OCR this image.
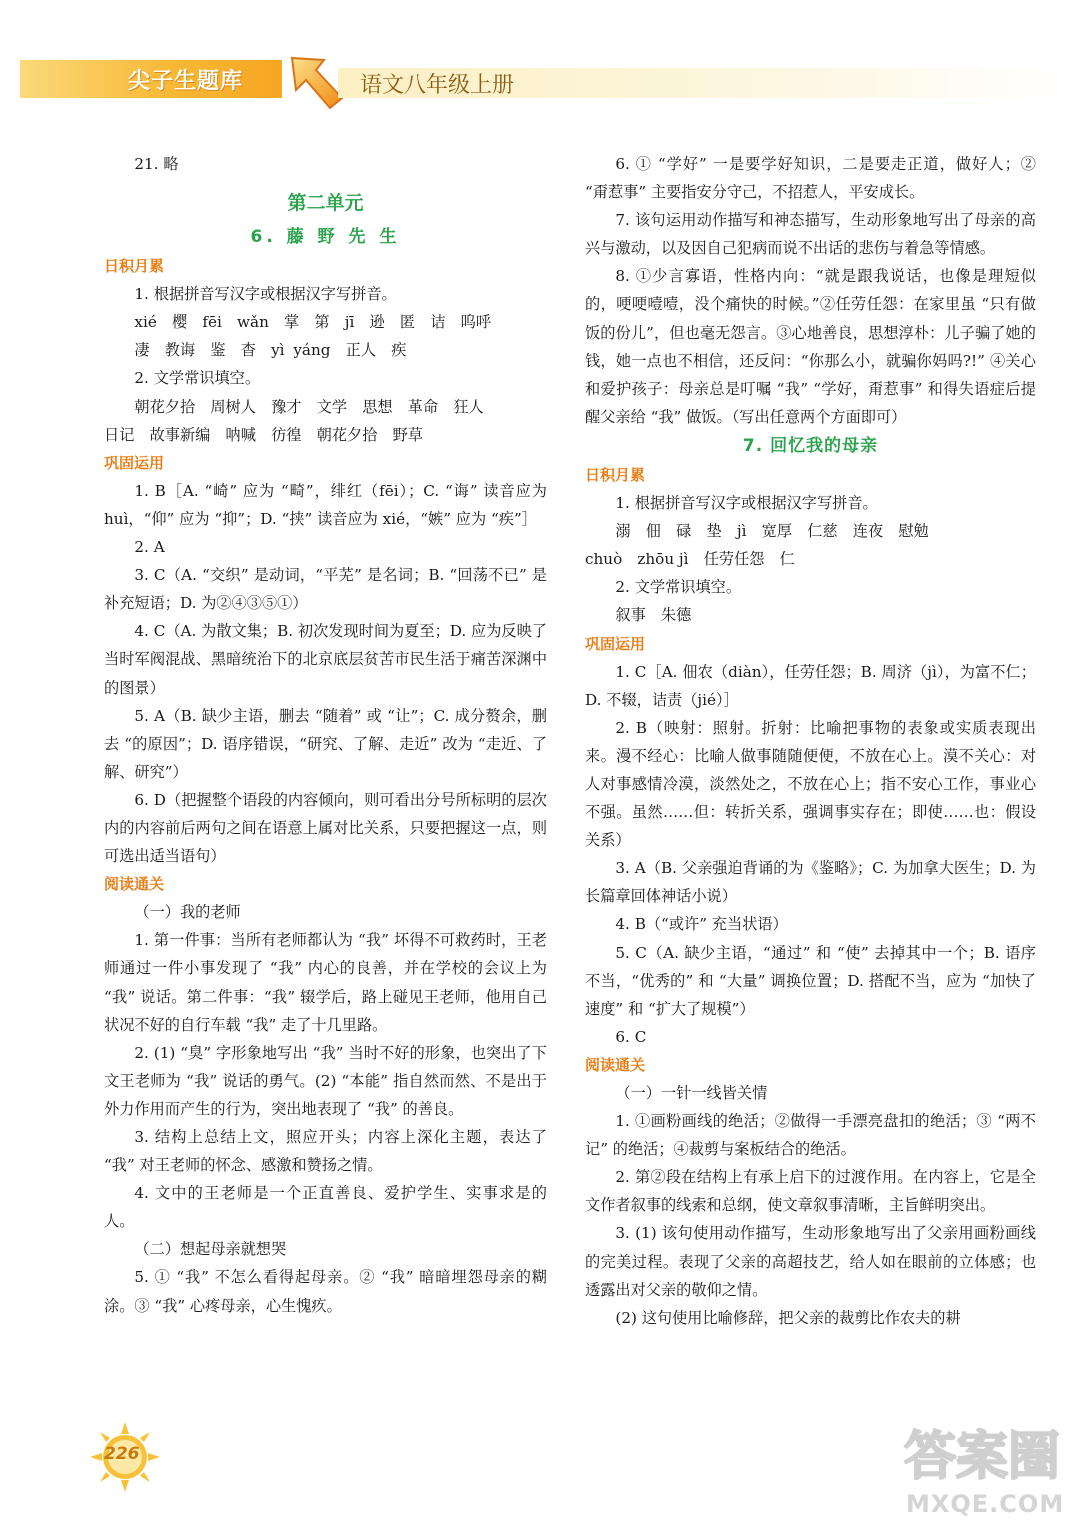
尖子生题库	语文八年级上册

21. 略

第二单元
6. 藤 野 先 生
日积月累

1. 根据拼音写汉字或根据汉字写拼音。

xié　樱　fēi　wǎn　掌　第　jī　逊　匿　诘　呜呼

凄　教诲　鉴　杳　yì yáng　正人　疾

2. 文学常识填空。

朝花夕拾　周树人　豫才　文学　思想　革命　狂人

日记　故事新编　呐喊　彷徨　朝花夕拾　野草

巩固运用

1. B［A. “崎” 应为 “畸”，绯红（fēi）；C. “诲” 读音应为 huì，“仰” 应为 “抑”；D. “挟” 读音应为 xié，“嫉” 应为 “疾”］

2. A

3. C（A. “交织” 是动词，“平芜” 是名词；B. “回荡不已” 是补充短语；D. 为②④③⑤①）

4. C（A. 为散文集；B. 初次发现时间为夏至；D. 应为反映了当时军阀混战、黑暗统治下的北京底层贫苦市民生活于痛苦深渊中的图景）

5. A（B. 缺少主语，删去 “随着” 或 “让”；C. 成分赘余，删去 “的原因”；D. 语序错误，“研究、了解、走近” 改为 “走近、了解、研究”）

6. D（把握整个语段的内容倾向，则可看出分号所标明的层次内的内容前后两句之间在语意上属对比关系，只要把握这一点，则可选出适当语句）

阅读通关

（一）我的老师

1. 第一件事：当所有老师都认为 “我” 坏得不可救药时，王老师通过一件小事发现了 “我” 内心的良善，并在学校的会议上为 “我” 说话。第二件事：“我” 辍学后，路上碰见王老师，他用自己状况不好的自行车载 “我” 走了十几里路。

2. (1) “臭” 字形象地写出 “我” 当时不好的形象，也突出了下文王老师为 “我” 说话的勇气。(2) “本能” 指自然而然、不是出于外力作用而产生的行为，突出地表现了 “我” 的善良。

3. 结构上总结上文，照应开头；内容上深化主题，表达了 “我” 对王老师的怀念、感激和赞扬之情。

4. 文中的王老师是一个正直善良、爱护学生、实事求是的人。

（二）想起母亲就想哭

5. ① “我” 不怎么看得起母亲。② “我” 暗暗埋怨母亲的糊涂。③ “我” 心疼母亲，心生愧疚。

6. ① “学好” 一是要学好知识，二是要走正道，做好人；② “甭惹事” 主要指安分守己，不招惹人，平安成长。

7. 该句运用动作描写和神态描写，生动形象地写出了母亲的高兴与激动，以及因自己犯病而说不出话的悲伤与着急等情感。

8. ①少言寡语，性格内向：“就是跟我说话，也像是理短似的，哽哽噎噎，没个痛快的时候。”②任劳任怨：在家里虽 “只有做饭的份儿”，但也毫无怨言。③心地善良，思想淳朴：儿子骗了她的钱，她一点也不相信，还反问：“你那么小，就骗你妈吗?!” ④关心和爱护孩子：母亲总是叮嘱 “我” “学好，甭惹事” 和得失语症后提醒父亲给 “我” 做饭。（写出任意两个方面即可）

7. 回忆我的母亲
日积月累

1. 根据拼音写汉字或根据汉字写拼音。

溺　佃　碌　垫　jì　宽厚　仁慈　连夜　慰勉

chuò　zhōu jì　任劳任怨　仁

2. 文学常识填空。

叙事　朱德

巩固运用

1. C［A. 佃农（diàn），任劳任怨；B. 周济（jì），为富不仁；D. 不辍，诘责（jié）］

2. B（映射：照射。折射：比喻把事物的表象或实质表现出来。漫不经心：比喻人做事随随便便，不放在心上。漠不关心：对人对事感情冷漠，淡然处之，不放在心上；指不安心工作，事业心不强。虽然……但：转折关系，强调事实存在；即使……也：假设关系）

3. A（B. 父亲强迫背诵的为《鉴略》；C. 为加拿大医生；D. 为长篇章回体神话小说）

4. B（“或许” 充当状语）

5. C（A. 缺少主语，“通过” 和 “使” 去掉其中一个；B. 语序不当，“优秀的” 和 “大量” 调换位置；D. 搭配不当，应为 “加快了速度” 和 “扩大了规模”）

6. C

阅读通关

（一）一针一线皆关情

1. ①画粉画线的绝活；②做得一手漂亮盘扣的绝活；③ “两不记” 的绝活；④裁剪与案板结合的绝活。

2. 第②段在结构上有承上启下的过渡作用。在内容上，它是全文作者叙事的线索和总纲，使文章叙事清晰，主旨鲜明突出。

3. (1) 该句使用动作描写，生动形象地写出了父亲用画粉画线的完美过程。表现了父亲的高超技艺，给人如在眼前的立体感；也透露出对父亲的敬仰之情。

(2) 这句使用比喻修辞，把父亲的裁剪比作农夫的耕

226	答案圈
MXQE.COM
